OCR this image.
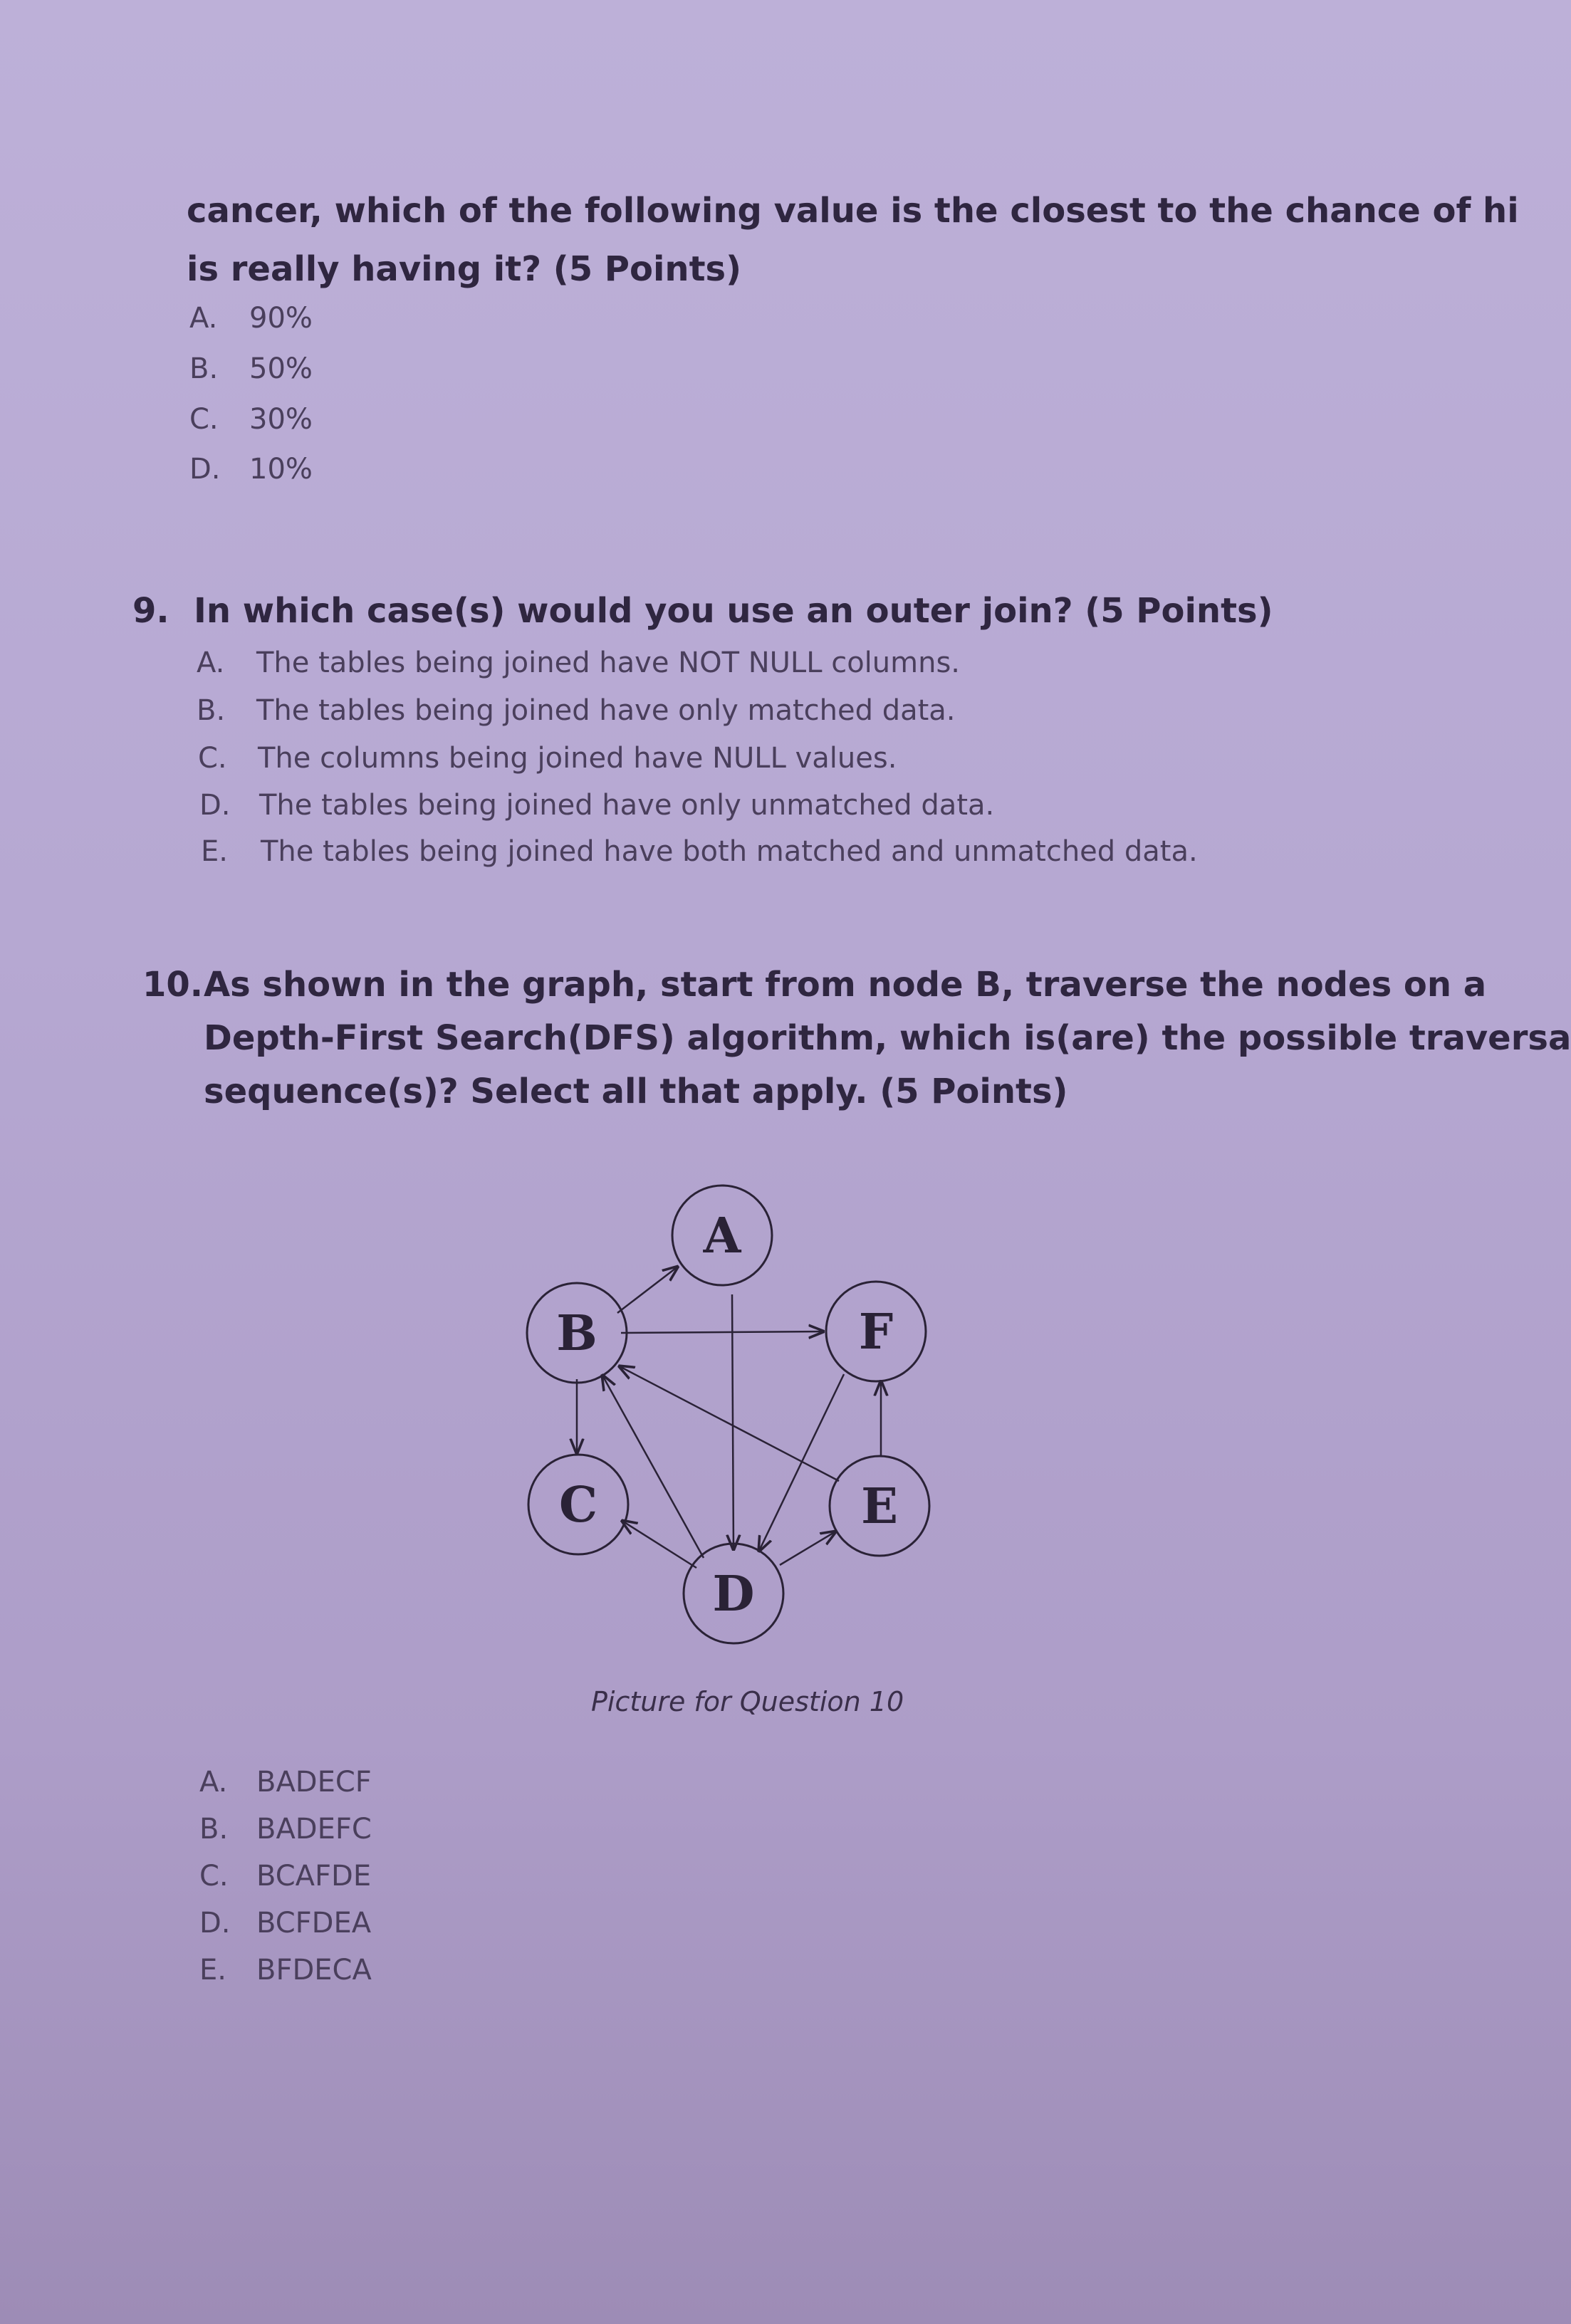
cancer, which of the following value is the closest to the chance of hi
is really having it? (5 Points)
A. 90%
B. 50%
C. 30%
D. 10%
9. In which case(s) would you use an outer join? (5 Points)
A. The tables being joined have NOT NULL columns.
B. The tables being joined have only matched data.
C. The columns being joined have NULL values.
D. The tables being joined have only unmatched data.
E. The tables being joined have both matched and unmatched data.
10. As shown in the graph, start from node B, traverse the nodes on a
Depth-First Search(DFS) algorithm, which is(are) the possible traversa
sequence(s)? Select all that apply. (5 Points)
A
B	F
C	E
D
Picture for Question 10
A. BADECF
B. BADEFC
C. BCAFDE
D. BCFDEA
E. BFDECA
